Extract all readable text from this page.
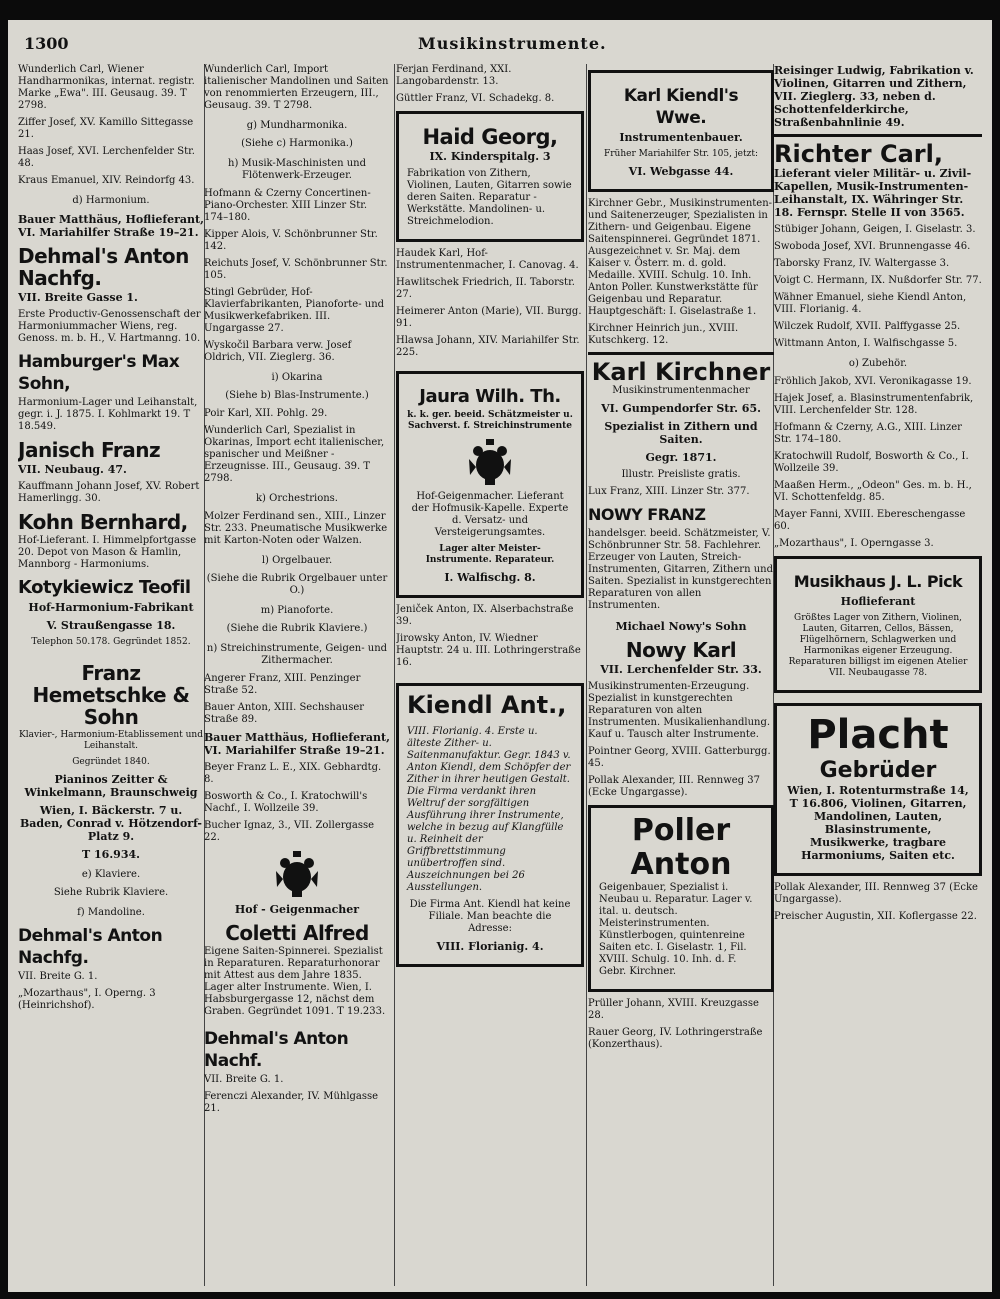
1300	Musikinstrumente.

Wunderlich Carl, Wiener Handharmonikas, internat. registr. Marke „Ewa". III. Geusaug. 39. T 2798.

Ziffer Josef, XV. Kamillo Sittegasse 21.

Haas Josef, XVI. Lerchenfelder Str. 48.

Kraus Emanuel, XIV. Reindorfg 43.

d) Harmonium.

Bauer Matthäus, Hoflieferant, VI. Mariahilfer Straße 19–21.

Dehmal's Anton Nachfg.

VII. Breite Gasse 1.

Erste Productiv-Genossenschaft der Harmoniummacher Wiens, reg. Genoss. m. b. H., V. Hartmanng. 10.

Hamburger's Max Sohn,

Harmonium-Lager und Leihanstalt, gegr. i. J. 1875. I. Kohlmarkt 19. T 18.549.

Janisch Franz

VII. Neubaug. 47.

Kauffmann Johann Josef, XV. Robert Hamerlingg. 30.

Kohn Bernhard,

Hof-Lieferant. I. Himmelpfortgasse 20. Depot von Mason & Hamlin, Mannborg - Harmoniums.

Kotykiewicz Teofil

Hof-Harmonium-Fabrikant

V. Straußengasse 18.

Telephon 50.178. Gegründet 1852.

Franz Hemetschke & Sohn

Klavier-, Harmonium-Etablissement und Leihanstalt.

Gegründet 1840.

Pianinos Zeitter & Winkelmann, Braunschweig

Wien, I. Bäckerstr. 7 u. Baden, Conrad v. Hötzendorf-Platz 9.

T 16.934.

e) Klaviere.
Siehe Rubrik Klaviere.
f) Mandoline.
Dehmal's Anton Nachfg.

VII. Breite G. 1.

„Mozarthaus", I. Operng. 3 (Heinrichshof).

Wunderlich Carl, Import italienischer Mandolinen und Saiten von renommierten Erzeugern, III., Geusaug. 39. T 2798.

g) Mundharmonika.
(Siehe c) Harmonika.)
h) Musik-Maschinisten und Flötenwerk-Erzeuger.

Hofmann & Czerny Concertinen-Piano-Orchester. XIII Linzer Str. 174–180.

Kipper Alois, V. Schönbrunner Str. 142.

Reichuts Josef, V. Schönbrunner Str. 105.

Stingl Gebrüder, Hof-Klavierfabrikanten, Pianoforte- und Musikwerkefabriken. III. Ungargasse 27.

Wyskočil Barbara verw. Josef Oldrich, VII. Zieglerg. 36.

i) Okarina
(Siehe b) Blas-Instrumente.)

Poir Karl, XII. Pohlg. 29.

Wunderlich Carl, Spezialist in Okarinas, Import echt italienischer, spanischer und Meißner - Erzeugnisse. III., Geusaug. 39. T 2798.

k) Orchestrions.

Molzer Ferdinand sen., XIII., Linzer Str. 233. Pneumatische Musikwerke mit Karton-Noten oder Walzen.

l) Orgelbauer.
(Siehe die Rubrik Orgelbauer unter O.)
m) Pianoforte.
(Siehe die Rubrik Klaviere.)
n) Streichinstrumente, Geigen- und Zithermacher.

Angerer Franz, XIII. Penzinger Straße 52.

Bauer Anton, XIII. Sechshauser Straße 89.

Bauer Matthäus, Hoflieferant, VI. Mariahilfer Straße 19–21.

Beyer Franz L. E., XIX. Gebhardtg. 8.

Bosworth & Co., I. Kratochwill's Nachf., I. Wollzeile 39.

Bucher Ignaz, 3., VII. Zollergasse 22.

Hof - Geigenmacher

Coletti Alfred

Eigene Saiten-Spinnerei. Spezialist in Reparaturen. Reparaturhonorar mit Attest aus dem Jahre 1835. Lager alter Instrumente. Wien, I. Habsburgergasse 12, nächst dem Graben. Gegründet 1091. T 19.233.

Dehmal's Anton Nachf.

VII. Breite G. 1.

Ferenczi Alexander, IV. Mühlgasse 21.

Ferjan Ferdinand, XXI. Langobardenstr. 13.

Güttler Franz, VI. Schadekg. 8.

Haid Georg,

IX. Kinderspitalg. 3

Fabrikation von Zithern, Violinen, Lauten, Gitarren sowie deren Saiten. Reparatur - Werkstätte. Mandolinen- u. Streichmelodion.

Haudek Karl, Hof-Instrumentenmacher, I. Canovag. 4.

Hawlitschek Friedrich, II. Taborstr. 27.

Heimerer Anton (Marie), VII. Burgg. 91.

Hlawsa Johann, XIV. Mariahilfer Str. 225.

Jaura Wilh. Th.

k. k. ger. beeid. Schätzmeister u. Sachverst. f. Streichinstrumente

Hof-Geigenmacher. Lieferant der Hofmusik-Kapelle. Experte d. Versatz- und Versteigerungsamtes.

Lager alter Meister-Instrumente. Reparateur.

I. Walfischg. 8.

Jeniček Anton, IX. Alserbachstraße 39.

Jirowsky Anton, IV. Wiedner Hauptstr. 24 u. III. Lothringerstraße 16.

Kiendl Ant.,

VIII. Florianig. 4. Erste u. älteste Zither- u. Saitenmanufaktur. Gegr. 1843 v. Anton Kiendl, dem Schöpfer der Zither in ihrer heutigen Gestalt. Die Firma verdankt ihren Weltruf der sorgfältigen Ausführung ihrer Instrumente, welche in bezug auf Klangfülle u. Reinheit der Griffbrettstimmung unübertroffen sind. Auszeichnungen bei 26 Ausstellungen.

Die Firma Ant. Kiendl hat keine Filiale. Man beachte die Adresse:

VIII. Florianig. 4.

Karl Kiendl's Wwe.

Instrumentenbauer.

Früher Mariahilfer Str. 105, jetzt:

VI. Webgasse 44.

Kirchner Gebr., Musikinstrumenten- und Saitenerzeuger, Spezialisten in Zithern- und Geigenbau. Eigene Saitenspinnerei. Gegründet 1871. Ausgezeichnet v. Sr. Maj. dem Kaiser v. Österr. m. d. gold. Medaille. XVIII. Schulg. 10. Inh. Anton Poller. Kunstwerkstätte für Geigenbau und Reparatur. Hauptgeschäft: I. Giselastraße 1.

Kirchner Heinrich jun., XVIII. Kutschkerg. 12.

Karl Kirchner

Musikinstrumentenmacher

VI. Gumpendorfer Str. 65.

Spezialist in Zithern und Saiten.

Gegr. 1871.

Illustr. Preisliste gratis.

Lux Franz, XIII. Linzer Str. 377.

NOWY FRANZ

handelsger. beeid. Schätzmeister, V. Schönbrunner Str. 58. Fachlehrer. Erzeuger von Lauten, Streich-Instrumenten, Gitarren, Zithern und Saiten. Spezialist in kunstgerechten Reparaturen von allen Instrumenten.

Michael Nowy's Sohn

Nowy Karl

VII. Lerchenfelder Str. 33.

Musikinstrumenten-Erzeugung. Spezialist in kunstgerechten Reparaturen von alten Instrumenten. Musikalienhandlung. Kauf u. Tausch alter Instrumente.

Pointner Georg, XVIII. Gatterburgg. 45.

Pollak Alexander, III. Rennweg 37 (Ecke Ungargasse).

Poller
Anton

Geigenbauer, Spezialist i. Neubau u. Reparatur. Lager v. ital. u. deutsch. Meisterinstrumenten. Künstlerbogen, quintenreine Saiten etc. I. Giselastr. 1, Fil. XVIII. Schulg. 10. Inh. d. F. Gebr. Kirchner.

Prüller Johann, XVIII. Kreuzgasse 28.

Rauer Georg, IV. Lothringerstraße (Konzerthaus).

Reisinger Ludwig, Fabrikation v. Violinen, Gitarren und Zithern, VII. Zieglerg. 33, neben d. Schottenfelderkirche, Straßenbahnlinie 49.

Richter Carl,

Lieferant vieler Militär- u. Zivil-Kapellen, Musik-Instrumenten-Leihanstalt, IX. Währinger Str. 18. Fernspr. Stelle II von 3565.

Stübiger Johann, Geigen, I. Giselastr. 3.

Swoboda Josef, XVI. Brunnengasse 46.

Taborsky Franz, IV. Waltergasse 3.

Voigt C. Hermann, IX. Nußdorfer Str. 77.

Wähner Emanuel, siehe Kiendl Anton, VIII. Florianig. 4.

Wilczek Rudolf, XVII. Palffygasse 25.

Wittmann Anton, I. Walfischgasse 5.

o) Zubehör.

Fröhlich Jakob, XVI. Veronikagasse 19.

Hajek Josef, a. Blasinstrumentenfabrik, VIII. Lerchenfelder Str. 128.

Hofmann & Czerny, A.G., XIII. Linzer Str. 174–180.

Kratochwill Rudolf, Bosworth & Co., I. Wollzeile 39.

Maaßen Herm., „Odeon" Ges. m. b. H., VI. Schottenfeldg. 85.

Mayer Fanni, XVIII. Ebereschengasse 60.

„Mozarthaus", I. Operngasse 3.

Musikhaus J. L. Pick

Hoflieferant

Größtes Lager von Zithern, Violinen, Lauten, Gitarren, Cellos, Bässen, Flügelhörnern, Schlagwerken und Harmonikas eigener Erzeugung. Reparaturen billigst im eigenen Atelier VII. Neubaugasse 78.

Placht
Gebrüder

Wien, I. Rotenturmstraße 14, T 16.806, Violinen, Gitarren, Mandolinen, Lauten, Blasinstrumente, Musikwerke, tragbare Harmoniums, Saiten etc.

Pollak Alexander, III. Rennweg 37 (Ecke Ungargasse).

Preischer Augustin, XII. Koflergasse 22.
